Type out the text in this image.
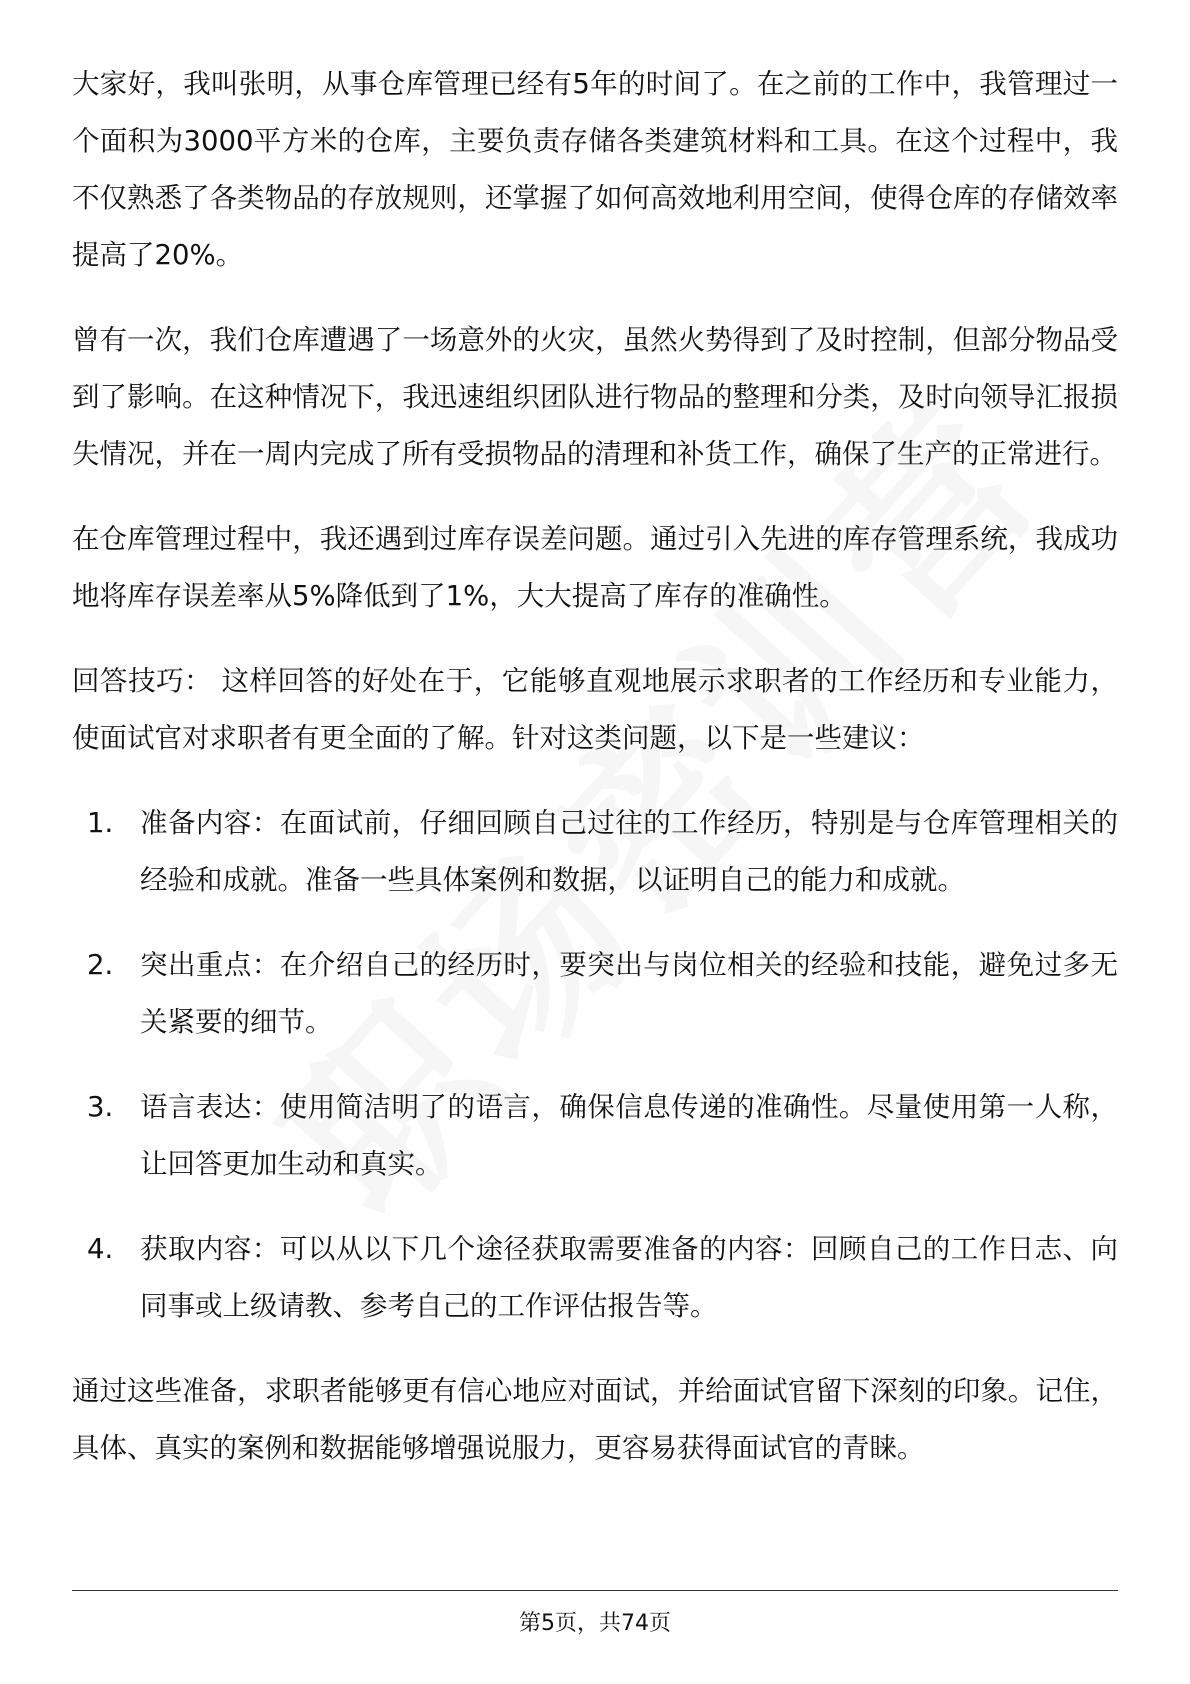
大家好，我叫张明，从事仓库管理已经有5年的时间了。在之前的工作中，我管理过一个面积为3000平方米的仓库，主要负责存储各类建筑材料和工具。在这个过程中，我不仅熟悉了各类物品的存放规则，还掌握了如何高效地利用空间，使得仓库的存储效率提高了20%。

曾有一次，我们仓库遭遇了一场意外的火灾，虽然火势得到了及时控制，但部分物品受到了影响。在这种情况下，我迅速组织团队进行物品的整理和分类，及时向领导汇报损失情况，并在一周内完成了所有受损物品的清理和补货工作，确保了生产的正常进行。

在仓库管理过程中，我还遇到过库存误差问题。通过引入先进的库存管理系统，我成功地将库存误差率从5%降低到了1%，大大提高了库存的准确性。

回答技巧： 这样回答的好处在于，它能够直观地展示求职者的工作经历和专业能力，使面试官对求职者有更全面的了解。针对这类问题，以下是一些建议：

1. 准备内容：在面试前，仔细回顾自己过往的工作经历，特别是与仓库管理相关的经验和成就。准备一些具体案例和数据，以证明自己的能力和成就。
2. 突出重点：在介绍自己的经历时，要突出与岗位相关的经验和技能，避免过多无关紧要的细节。
3. 语言表达：使用简洁明了的语言，确保信息传递的准确性。尽量使用第一人称，让回答更加生动和真实。
4. 获取内容：可以从以下几个途径获取需要准备的内容：回顾自己的工作日志、向同事或上级请教、参考自己的工作评估报告等。

通过这些准备，求职者能够更有信心地应对面试，并给面试官留下深刻的印象。记住，具体、真实的案例和数据能够增强说服力，更容易获得面试官的青睐。

第5页，共74页
